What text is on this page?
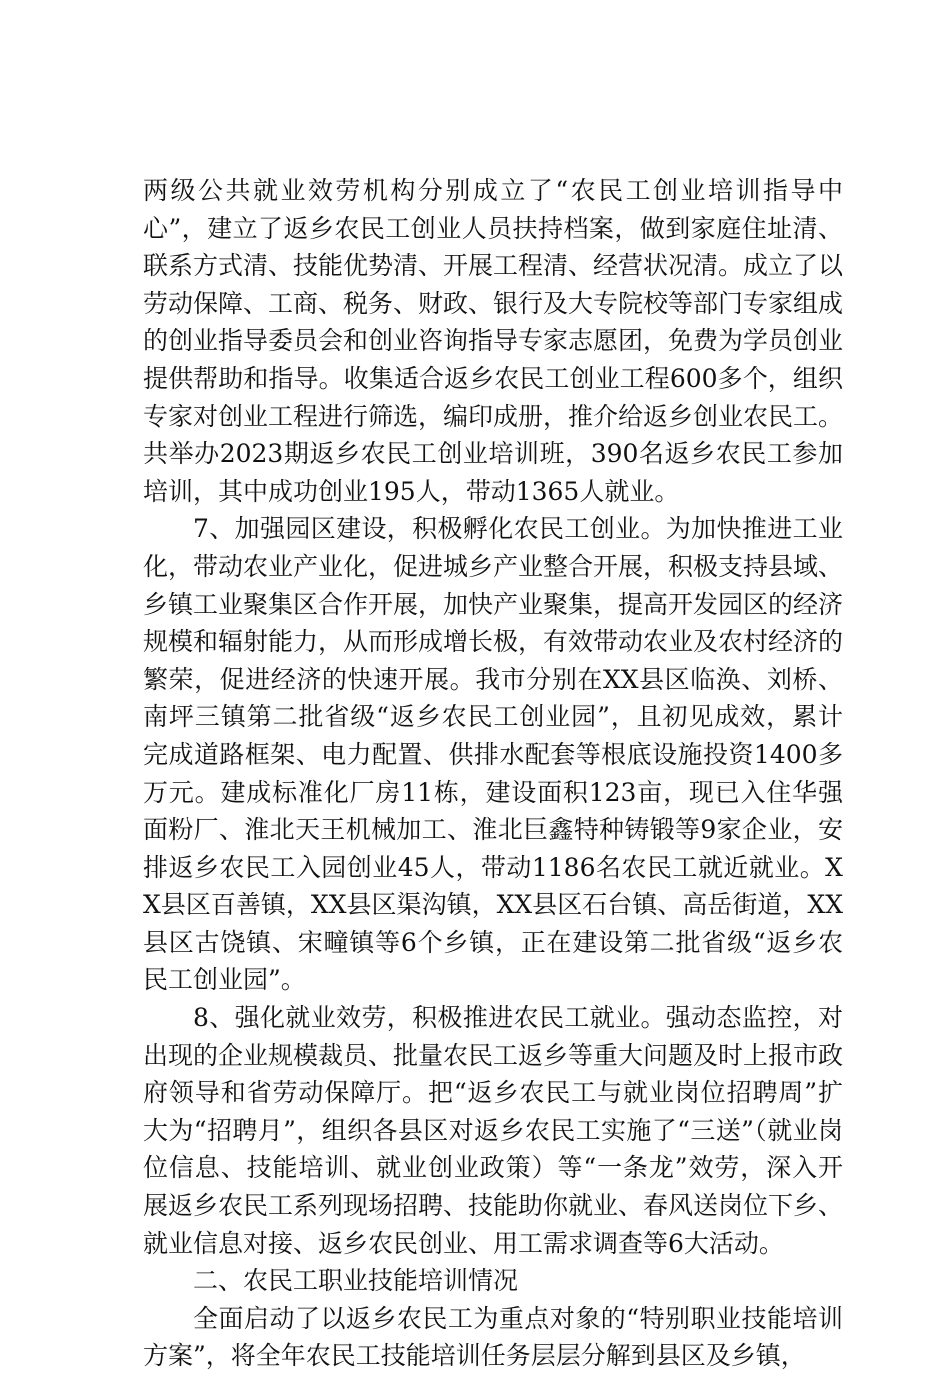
两级公共就业效劳机构分别成立了“农民工创业培训指导中心”，建立了返乡农民工创业人员扶持档案，做到家庭住址清、联系方式清、技能优势清、开展工程清、经营状况清。成立了以劳动保障、工商、税务、财政、银行及大专院校等部门专家组成的创业指导委员会和创业咨询指导专家志愿团，免费为学员创业提供帮助和指导。收集适合返乡农民工创业工程600多个，组织专家对创业工程进行筛选，编印成册，推介给返乡创业农民工。共举办2023期返乡农民工创业培训班，390名返乡农民工参加培训，其中成功创业195人，带动1365人就业。

7、加强园区建设，积极孵化农民工创业。为加快推进工业化，带动农业产业化，促进城乡产业整合开展，积极支持县域、乡镇工业聚集区合作开展，加快产业聚集，提高开发园区的经济规模和辐射能力，从而形成增长极，有效带动农业及农村经济的繁荣，促进经济的快速开展。我市分别在XX县区临涣、刘桥、南坪三镇第二批省级“返乡农民工创业园”，且初见成效，累计完成道路框架、电力配置、供排水配套等根底设施投资1400多万元。建成标准化厂房11栋，建设面积123亩，现已入住华强面粉厂、淮北天王机械加工、淮北巨鑫特种铸锻等9家企业，安排返乡农民工入园创业45人，带动1186名农民工就近就业。XX县区百善镇，XX县区渠沟镇，XX县区石台镇、高岳街道，XX县区古饶镇、宋疃镇等6个乡镇，正在建设第二批省级“返乡农民工创业园”。

8、强化就业效劳，积极推进农民工就业。强动态监控，对出现的企业规模裁员、批量农民工返乡等重大问题及时上报市政府领导和省劳动保障厅。把“返乡农民工与就业岗位招聘周”扩大为“招聘月”，组织各县区对返乡农民工实施了“三送”（就业岗位信息、技能培训、就业创业政策）等“一条龙”效劳，深入开展返乡农民工系列现场招聘、技能助你就业、春风送岗位下乡、就业信息对接、返乡农民创业、用工需求调查等6大活动。

二、农民工职业技能培训情况

全面启动了以返乡农民工为重点对象的“特别职业技能培训方案”，将全年农民工技能培训任务层层分解到县区及乡镇，
